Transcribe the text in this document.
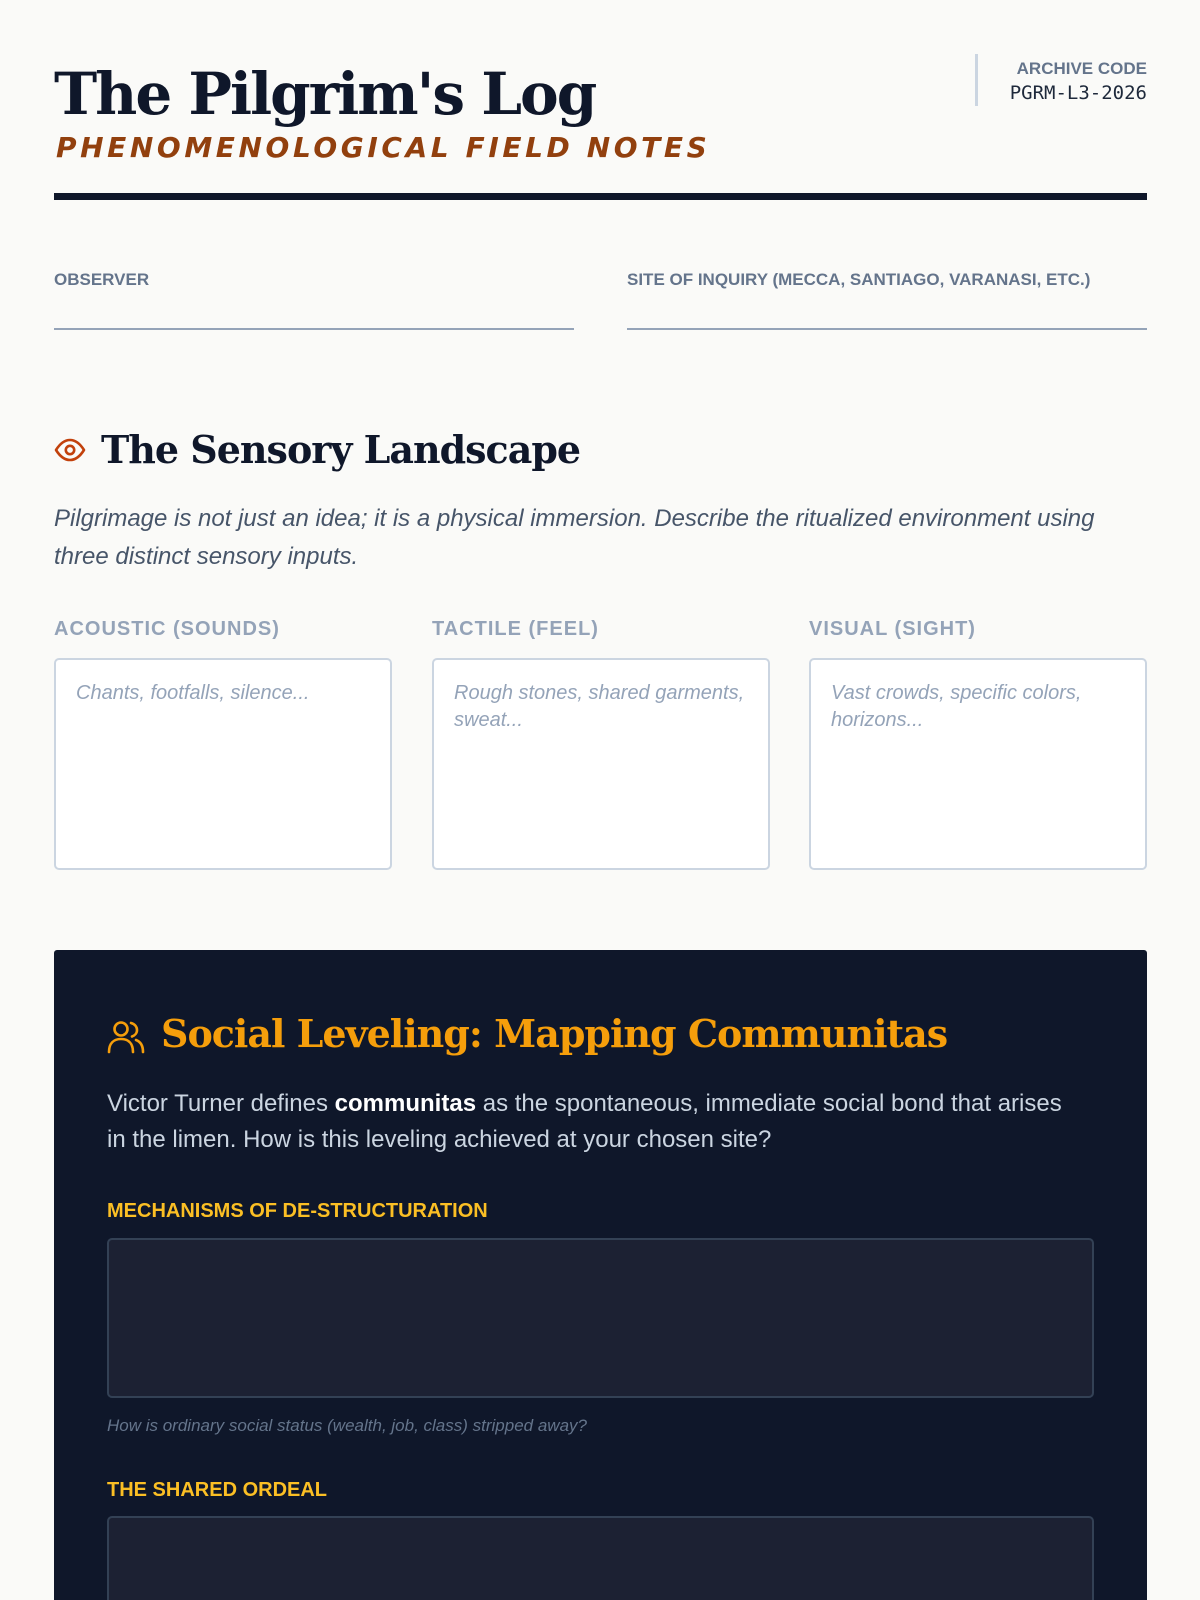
The Pilgrim's Log
PHENOMENOLOGICAL FIELD NOTES
ARCHIVE CODE
PGRM-L3-2026
OBSERVER	SITE OF INQUIRY (MECCA, SANTIAGO, VARANASI, ETC.)
The Sensory Landscape

Pilgrimage is not just an idea; it is a physical immersion. Describe the ritualized environment using three distinct sensory inputs.

ACOUSTIC (SOUNDS)
Chants, footfalls, silence...
TACTILE (FEEL)
Rough stones, shared garments, sweat...
VISUAL (SIGHT)
Vast crowds, specific colors, horizons...
Social Leveling: Mapping Communitas

Victor Turner defines communitas as the spontaneous, immediate social bond that arises in the limen. How is this leveling achieved at your chosen site?

MECHANISMS OF DE-STRUCTURATION
How is ordinary social status (wealth, job, class) stripped away?
THE SHARED ORDEAL
